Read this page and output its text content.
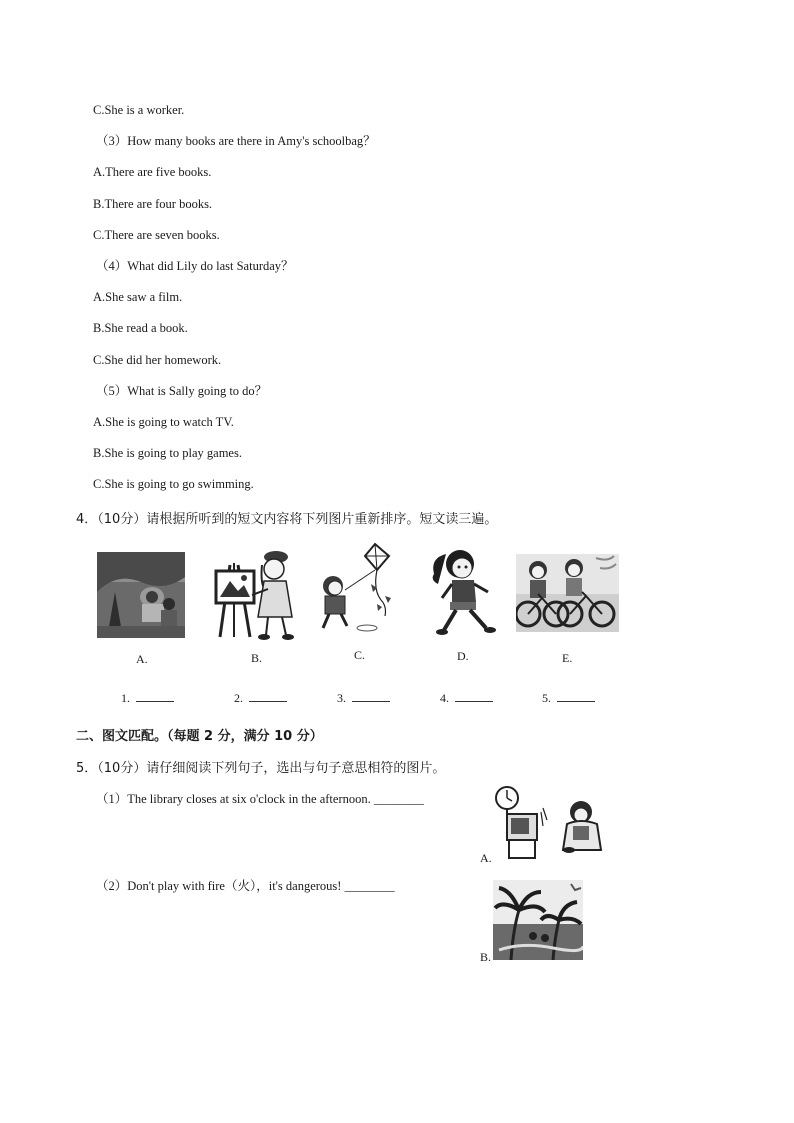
C.She is a worker.
（3）How many books are there in Amy's schoolbag？
A.There are five books.
B.There are four books.
C.There are seven books.
（4）What did Lily do last Saturday？
A.She saw a film.
B.She read a book.
C.She did her homework.
（5）What is Sally going to do？
A.She is going to watch TV.
B.She is going to play games.
C.She is going to go swimming.
4．（10分）请根据所听到的短文内容将下列图片重新排序。短文读三遍。
A.	B.	C.	D.	E.
1.	2.	3.	4.	5.
二、图文匹配。（每题 2 分，满分 10 分）
5．（10分）请仔细阅读下列句子，选出与句子意思相符的图片。
（1）The library closes at six o'clock in the afternoon. ________
（2）Don't play with fire（火），it's dangerous! ________
A.
B.
